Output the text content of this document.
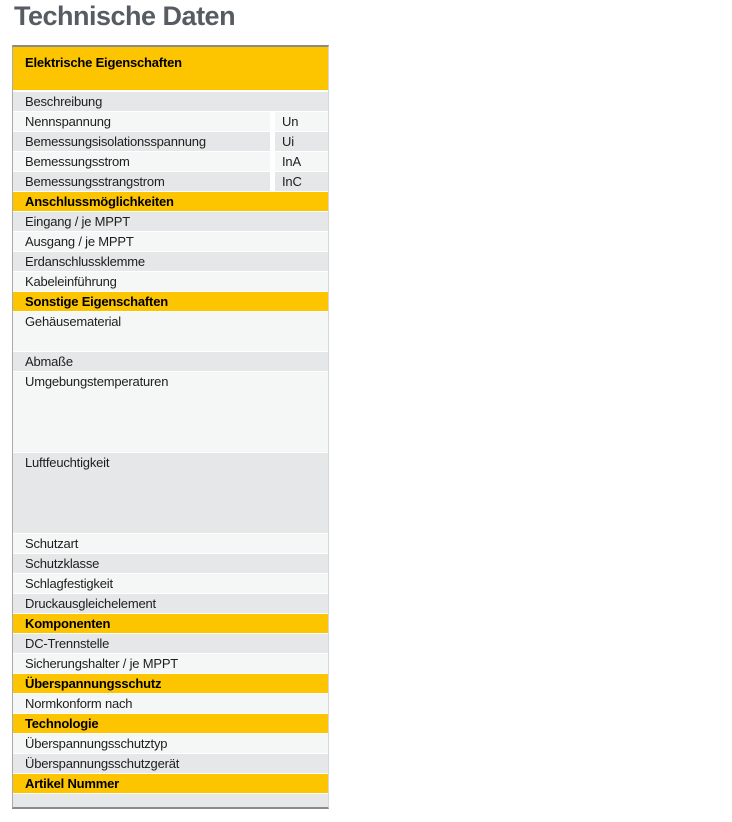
Technische Daten
Elektrische Eigenschaften
Beschreibung
Nennspannung	Un
Bemessungsisolationsspannung	Ui
Bemessungsstrom	InA
Bemessungsstrangstrom	InC
Anschlussmöglichkeiten
Eingang / je MPPT
Ausgang / je MPPT
Erdanschlussklemme
Kabeleinführung
Sonstige Eigenschaften
Gehäusematerial
Abmaße
Umgebungstemperaturen
Luftfeuchtigkeit
Schutzart
Schutzklasse
Schlagfestigkeit
Druckausgleichelement
Komponenten
DC-Trennstelle
Sicherungshalter / je MPPT
Überspannungsschutz
Normkonform nach
Technologie
Überspannungsschutztyp
Überspannungsschutzgerät
Artikel Nummer
